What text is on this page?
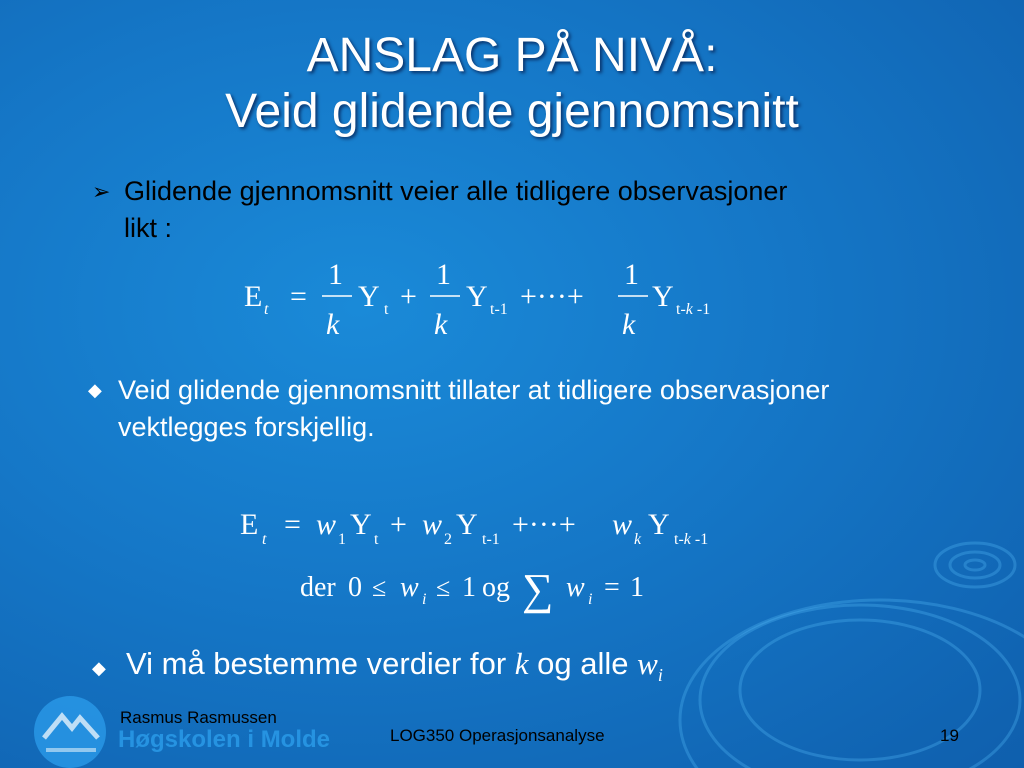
ANSLAG PÅ NIVÅ:
Veid glidende gjennomsnitt
➢ Glidende gjennomsnitt veier alle tidligere observasjoner likt :
E t =
1
k
Y t +
1
k
Y t-1 +···+
1
k
Y t-k -1
◆ Veid glidende gjennomsnitt tillater at tidligere observasjoner vektlegges forskjellig.
E t = w 1 Y t + w 2 Y t-1 +···+ w k Y t-k -1
der 0 ≤ w i ≤ 1 og ∑ w i = 1
◆ Vi må bestemme verdier for k og alle $w_i$
Høgskolen i Molde
Rasmus Rasmussen
LOG350 Operasjonsanalyse	19
